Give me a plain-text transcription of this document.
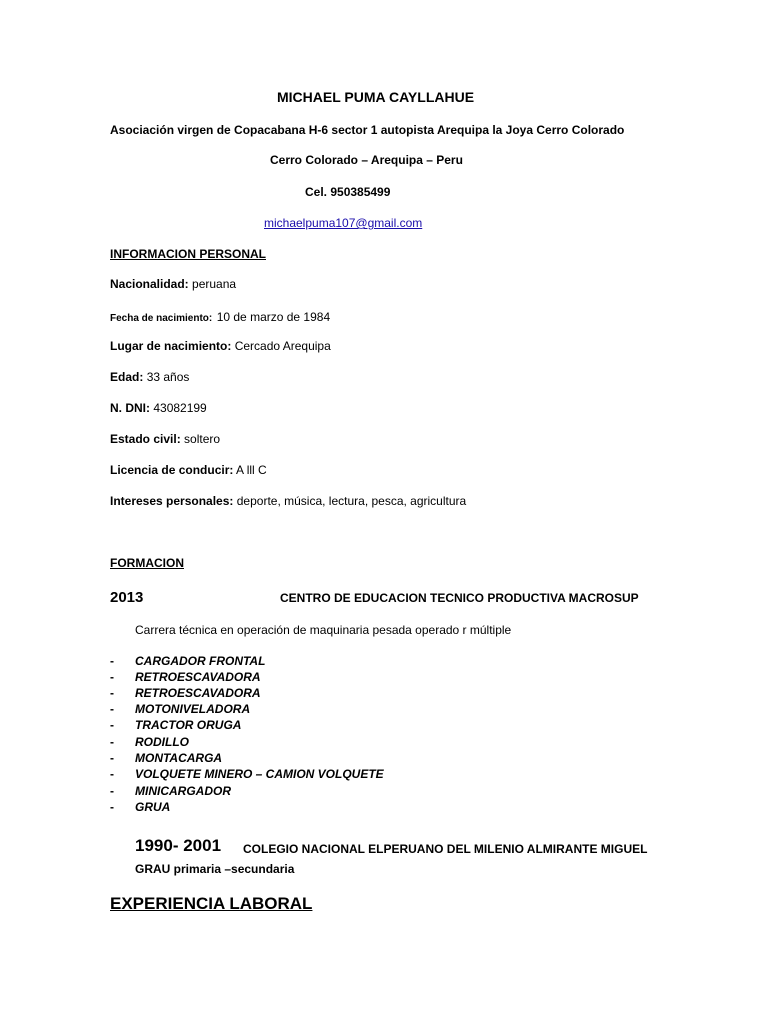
MICHAEL PUMA CAYLLAHUE
Asociación virgen de Copacabana H-6 sector 1 autopista Arequipa la Joya Cerro Colorado
Cerro Colorado – Arequipa – Peru
Cel. 950385499
michaelpuma107@gmail.com
INFORMACION PERSONAL
Nacionalidad: peruana
Fecha de nacimiento: 10 de marzo de 1984
Lugar de nacimiento: Cercado Arequipa
Edad: 33 años
N. DNI: 43082199
Estado civil: soltero
Licencia de conducir: A lll C
Intereses personales: deporte, música, lectura, pesca, agricultura
FORMACION
2013	CENTRO DE EDUCACION TECNICO PRODUCTIVA MACROSUP
Carrera técnica en operación de maquinaria pesada operado r múltiple
- CARGADOR FRONTAL
- RETROESCAVADORA
- RETROESCAVADORA
- MOTONIVELADORA
- TRACTOR ORUGA
- RODILLO
- MONTACARGA
- VOLQUETE MINERO – CAMION VOLQUETE
- MINICARGADOR
- GRUA
1990- 2001 COLEGIO NACIONAL ELPERUANO DEL MILENIO ALMIRANTE MIGUEL
GRAU primaria –secundaria
EXPERIENCIA LABORAL
